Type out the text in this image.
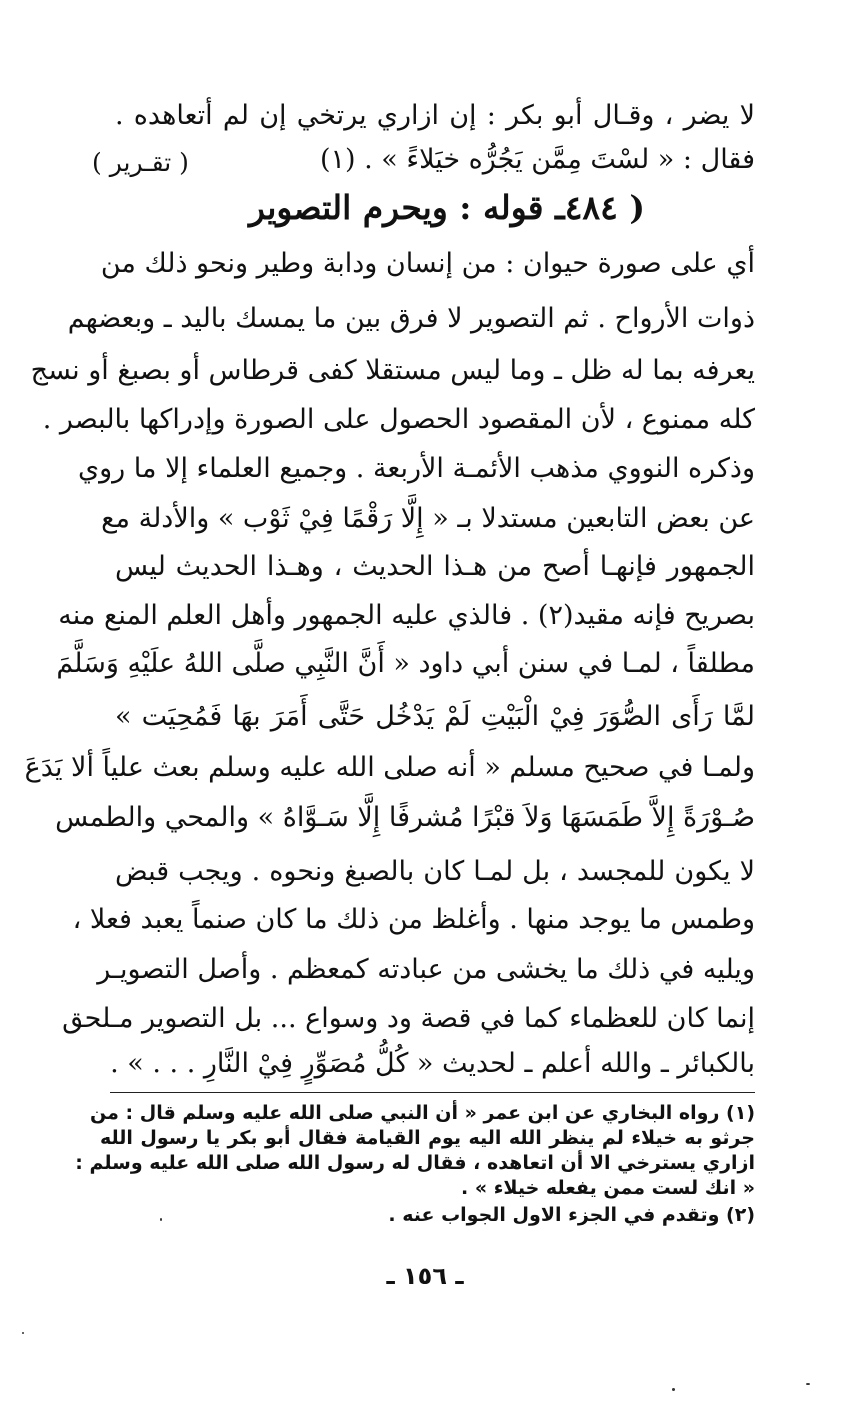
لا يضر ، وقـال أبو بكر : إن ازاري يرتخي إن لم أتعاهده .
فقال : « لسْتَ مِمَّن يَجُرُّه خيَلاءً » . (١)
( تقـرير )
( ٤٨٤ـ قوله : ويحرم التصوير
أي على صورة حيوان : من إنسان ودابة وطير ونحو ذلك من
ذوات الأرواح . ثم التصوير لا فرق بين ما يمسك باليد ـ وبعضهم
يعرفه بما له ظل ـ وما ليس مستقلا كفى قرطاس أو بصبغ أو نسج
كله ممنوع ، لأن المقصود الحصول على الصورة وإدراكها بالبصر .
وذكره النووي مذهب الأئمـة الأربعة . وجميع العلماء إلا ما روي
عن بعض التابعين مستدلا بـ « إِلَّا رَقْمًا فِيْ ثَوْب » والأدلة مع
الجمهور فإنهـا أصح من هـذا الحديث ، وهـذا الحديث ليس
بصريح فإنه مقيد(٢) . فالذي عليه الجمهور وأهل العلم المنع منه
مطلقاً ، لمـا في سنن أبي داود « أَنَّ النَّبِي صلَّى اللهُ علَيْهِ وَسَلَّمَ
لمَّا رَأَى الصُّوَرَ فِيْ الْبَيْتِ لَمْ يَدْخُل حَتَّى أَمَرَ بهَا فَمُحِيَت »
ولمـا في صحيح مسلم « أنه صلى الله عليه وسلم بعث علياً ألا يَدَعَ
صُـوْرَةً إِلاَّ طَمَسَهَا وَلاَ قبْرًا مُشرفًا إِلَّا سَـوَّاهُ » والمحي والطمس
لا يكون للمجسد ، بل لمـا كان بالصبغ ونحوه . ويجب قبض
وطمس ما يوجد منها . وأغلظ من ذلك ما كان صنماً يعبد فعلا ،
ويليه في ذلك ما يخشى من عبادته كمعظم . وأصل التصويـر
إنما كان للعظماء كما في قصة ود وسواع ... بل التصوير مـلحق
بالكبائر ـ والله أعلم ـ لحديث « كُلُّ مُصَوِّرٍ فِيْ النَّارِ . . . » .
(١) رواه البخاري عن ابن عمر « أن النبي صلى الله عليه وسلم قال : من
جرثو به خيلاء لم ينظر الله اليه يوم القيامة فقال أبو بكر يا رسول الله
ازاري يسترخي الا أن اتعاهده ، فقال له رسول الله صلى الله عليه وسلم :
« انك لست ممن يفعله خيلاء » .
(٢) وتقدم في الجزء الاول الجواب عنه .
ـ ١٥٦ ـ
